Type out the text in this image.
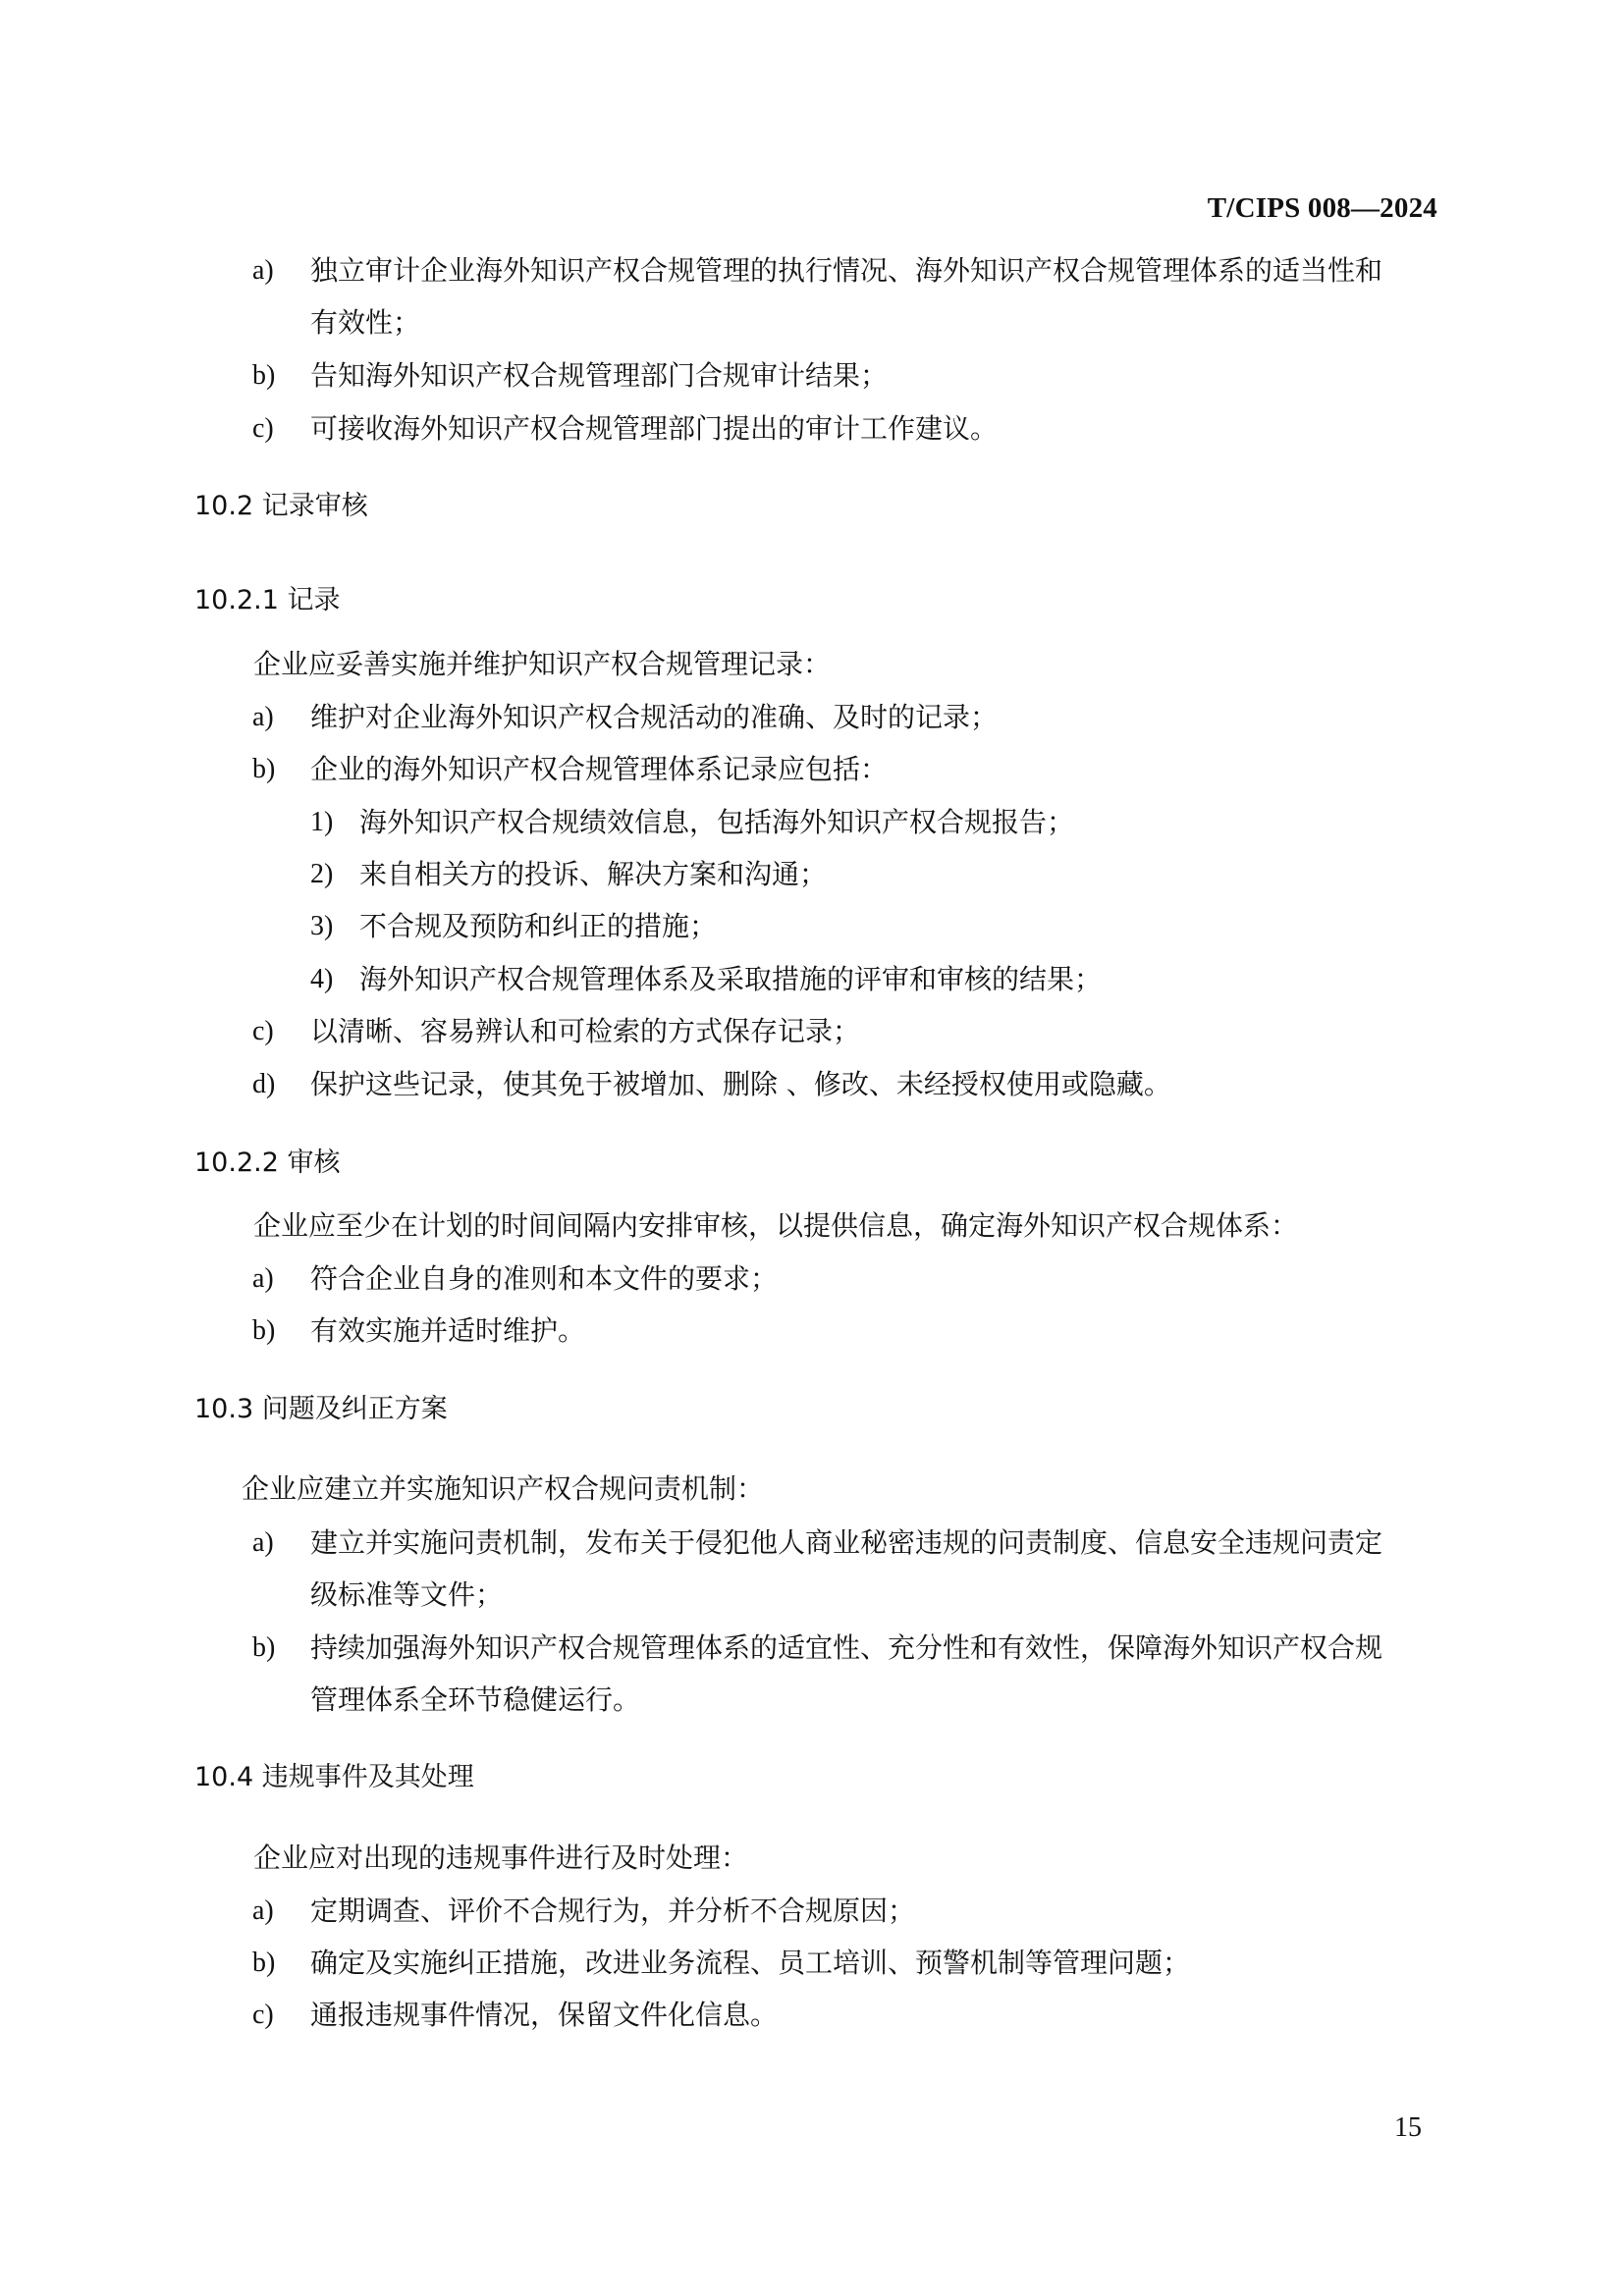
T/CIPS 008—2024
a) 独立审计企业海外知识产权合规管理的执行情况、海外知识产权合规管理体系的适当性和
有效性；
b) 告知海外知识产权合规管理部门合规审计结果；
c) 可接收海外知识产权合规管理部门提出的审计工作建议。
10.2 记录审核
10.2.1 记录
企业应妥善实施并维护知识产权合规管理记录：
a) 维护对企业海外知识产权合规活动的准确、及时的记录；
b) 企业的海外知识产权合规管理体系记录应包括：
1) 海外知识产权合规绩效信息，包括海外知识产权合规报告；
2) 来自相关方的投诉、解决方案和沟通；
3) 不合规及预防和纠正的措施；
4) 海外知识产权合规管理体系及采取措施的评审和审核的结果；
c) 以清晰、容易辨认和可检索的方式保存记录；
d) 保护这些记录，使其免于被增加、删除 、修改、未经授权使用或隐藏。
10.2.2 审核
企业应至少在计划的时间间隔内安排审核，以提供信息，确定海外知识产权合规体系：
a) 符合企业自身的准则和本文件的要求；
b) 有效实施并适时维护。
10.3 问题及纠正方案
企业应建立并实施知识产权合规问责机制：
a) 建立并实施问责机制，发布关于侵犯他人商业秘密违规的问责制度、信息安全违规问责定
级标准等文件；
b) 持续加强海外知识产权合规管理体系的适宜性、充分性和有效性，保障海外知识产权合规
管理体系全环节稳健运行。
10.4 违规事件及其处理
企业应对出现的违规事件进行及时处理：
a) 定期调查、评价不合规行为，并分析不合规原因；
b) 确定及实施纠正措施，改进业务流程、员工培训、预警机制等管理问题；
c) 通报违规事件情况，保留文件化信息。
15
